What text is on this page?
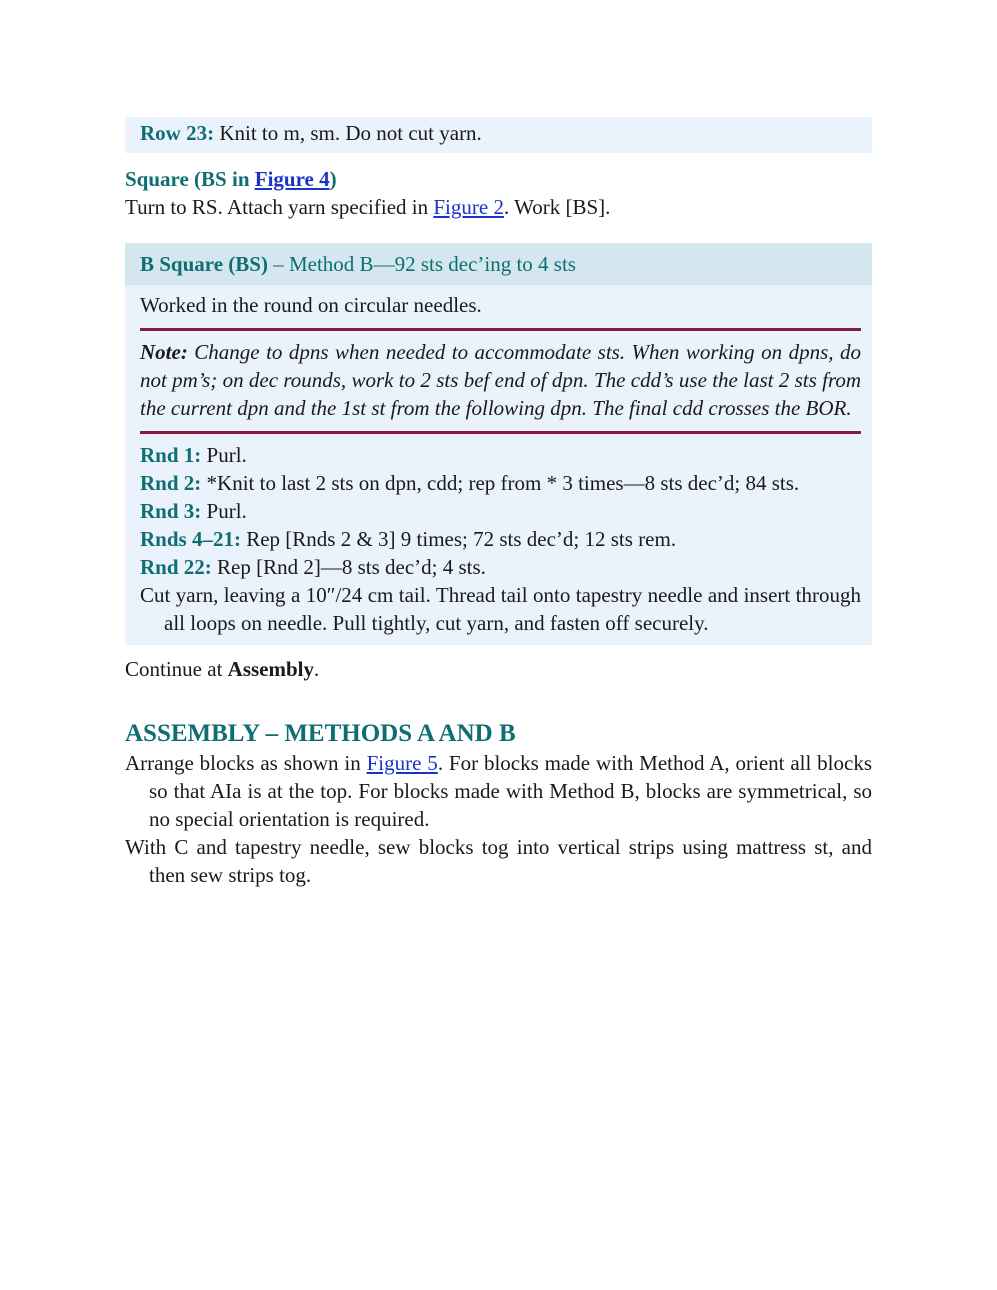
Row 23: Knit to m, sm. Do not cut yarn.
Square (BS in Figure 4)

Turn to RS. Attach yarn specified in Figure 2. Work [BS].

B Square (BS) – Method B—92 sts dec’ing to 4 sts

Worked in the round on circular needles.

Note: Change to dpns when needed to accommodate sts. When working on dpns, do not pm’s; on dec rounds, work to 2 sts bef end of dpn. The cdd’s use the last 2 sts from the current dpn and the 1st st from the following dpn. The final cdd crosses the BOR.

Rnd 1: Purl.

Rnd 2: *Knit to last 2 sts on dpn, cdd; rep from * 3 times—8 sts dec’d; 84 sts.

Rnd 3: Purl.

Rnds 4–21: Rep [Rnds 2 & 3] 9 times; 72 sts dec’d; 12 sts rem.

Rnd 22: Rep [Rnd 2]—8 sts dec’d; 4 sts.

Cut yarn, leaving a 10″/24 cm tail. Thread tail onto tapestry needle and insert through all loops on needle. Pull tightly, cut yarn, and fasten off securely.

Continue at Assembly.

ASSEMBLY – METHODS A AND B

Arrange blocks as shown in Figure 5. For blocks made with Method A, orient all blocks so that AIa is at the top. For blocks made with Method B, blocks are symmetrical, so no special orientation is required.

With C and tapestry needle, sew blocks tog into vertical strips using mattress st, and then sew strips tog.
